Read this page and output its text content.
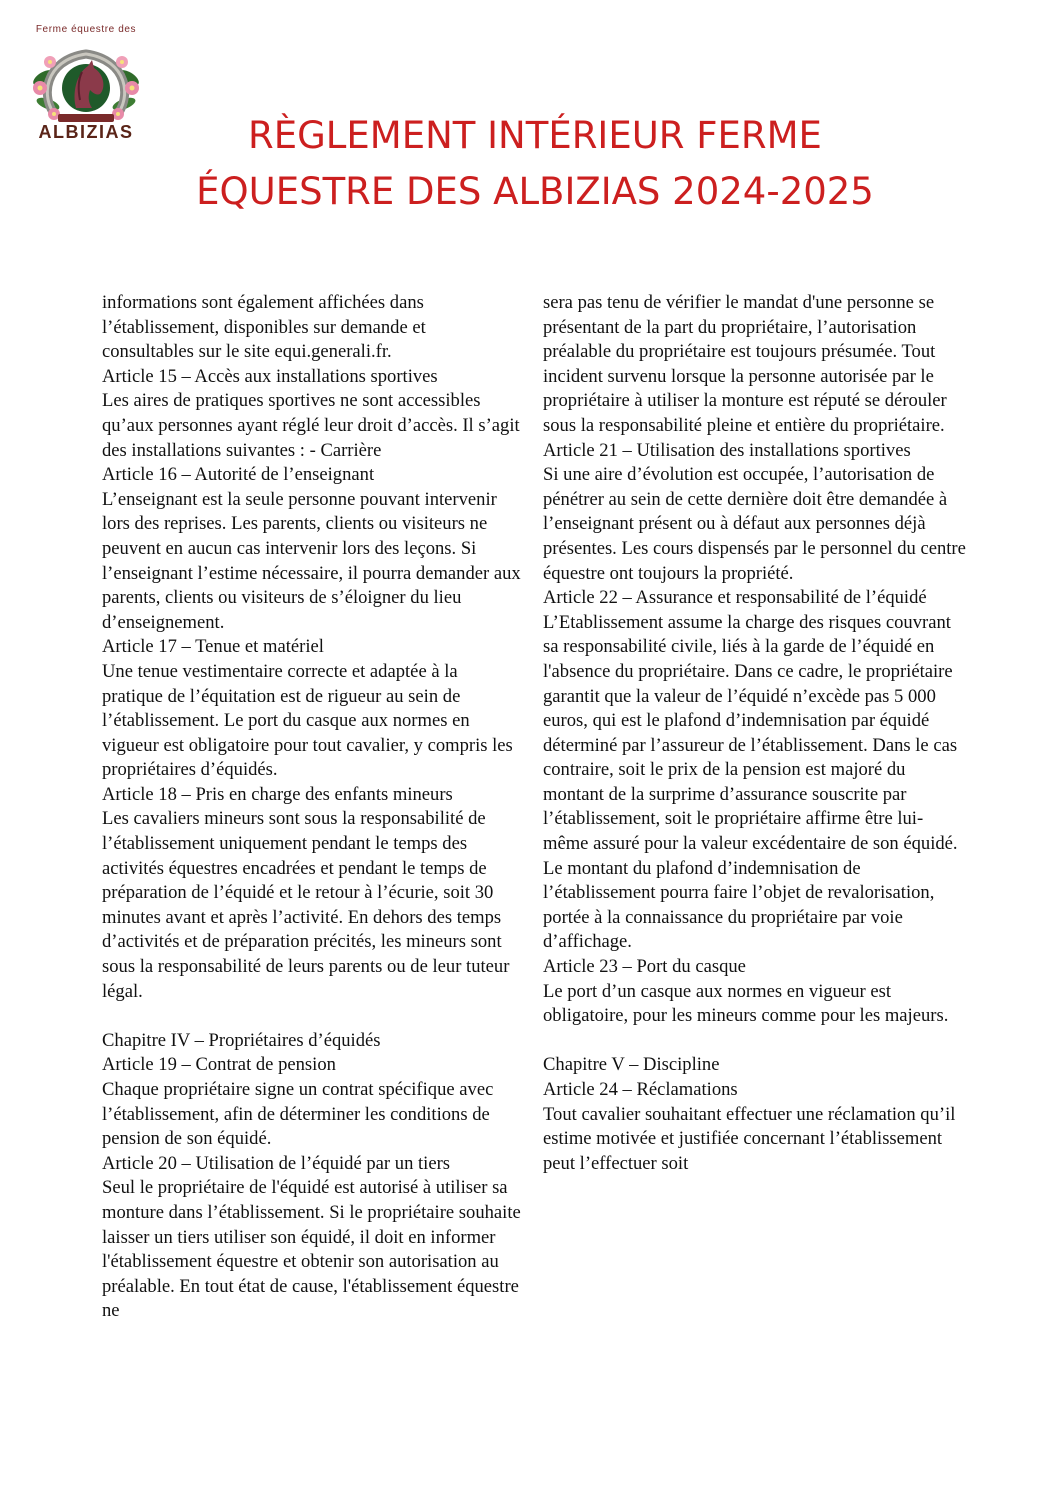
Ferme équestre des
ALBIZIAS	RÈGLEMENT INTÉRIEUR FERME
ÉQUESTRE DES ALBIZIAS 2024-2025

informations sont également affichées dans l’établissement, disponibles sur demande et consultables sur le site equi.generali.fr.

Article 15 – Accès aux installations sportives

Les aires de pratiques sportives ne sont accessibles qu’aux personnes ayant réglé leur droit d’accès. Il s’agit des installations suivantes : - Carrière

Article 16 – Autorité de l’enseignant

L’enseignant est la seule personne pouvant intervenir lors des reprises. Les parents, clients ou visiteurs ne peuvent en aucun cas intervenir lors des leçons. Si l’enseignant l’estime nécessaire, il pourra demander aux parents, clients ou visiteurs de s’éloigner du lieu d’enseignement.

Article 17 – Tenue et matériel

Une tenue vestimentaire correcte et adaptée à la pratique de l’équitation est de rigueur au sein de l’établissement. Le port du casque aux normes en vigueur est obligatoire pour tout cavalier, y compris les propriétaires d’équidés.

Article 18 – Pris en charge des enfants mineurs

Les cavaliers mineurs sont sous la responsabilité de l’établissement uniquement pendant le temps des activités équestres encadrées et pendant le temps de préparation de l’équidé et le retour à l’écurie, soit 30 minutes avant et après l’activité. En dehors des temps d’activités et de préparation précités, les mineurs sont sous la responsabilité de leurs parents ou de leur tuteur légal.

Chapitre IV – Propriétaires d’équidés

Article 19 – Contrat de pension

Chaque propriétaire signe un contrat spécifique avec l’établissement, afin de déterminer les conditions de pension de son équidé.

Article 20 – Utilisation de l’équidé par un tiers

Seul le propriétaire de l'équidé est autorisé à utiliser sa monture dans l’établissement. Si le propriétaire souhaite laisser un tiers utiliser son équidé, il doit en informer l'établissement équestre et obtenir son autorisation au préalable. En tout état de cause, l'établissement équestre ne

sera pas tenu de vérifier le mandat d'une personne se présentant de la part du propriétaire, l’autorisation préalable du propriétaire est toujours présumée. Tout incident survenu lorsque la personne autorisée par le propriétaire à utiliser la monture est réputé se dérouler sous la responsabilité pleine et entière du propriétaire.

Article 21 – Utilisation des installations sportives

Si une aire d’évolution est occupée, l’autorisation de pénétrer au sein de cette dernière doit être demandée à l’enseignant présent ou à défaut aux personnes déjà présentes. Les cours dispensés par le personnel du centre équestre ont toujours la propriété.

Article 22 – Assurance et responsabilité de l’équidé

L’Etablissement assume la charge des risques couvrant sa responsabilité civile, liés à la garde de l’équidé en l'absence du propriétaire. Dans ce cadre, le propriétaire garantit que la valeur de l’équidé n’excède pas 5 000 euros, qui est le plafond d’indemnisation par équidé déterminé par l’assureur de l’établissement. Dans le cas contraire, soit le prix de la pension est majoré du montant de la surprime d’assurance souscrite par l’établissement, soit le propriétaire affirme être lui-même assuré pour la valeur excédentaire de son équidé. Le montant du plafond d’indemnisation de l’établissement pourra faire l’objet de revalorisation, portée à la connaissance du propriétaire par voie d’affichage.

Article 23 – Port du casque

Le port d’un casque aux normes en vigueur est obligatoire, pour les mineurs comme pour les majeurs.

Chapitre V – Discipline

Article 24 – Réclamations

Tout cavalier souhaitant effectuer une réclamation qu’il estime motivée et justifiée concernant l’établissement peut l’effectuer soit
